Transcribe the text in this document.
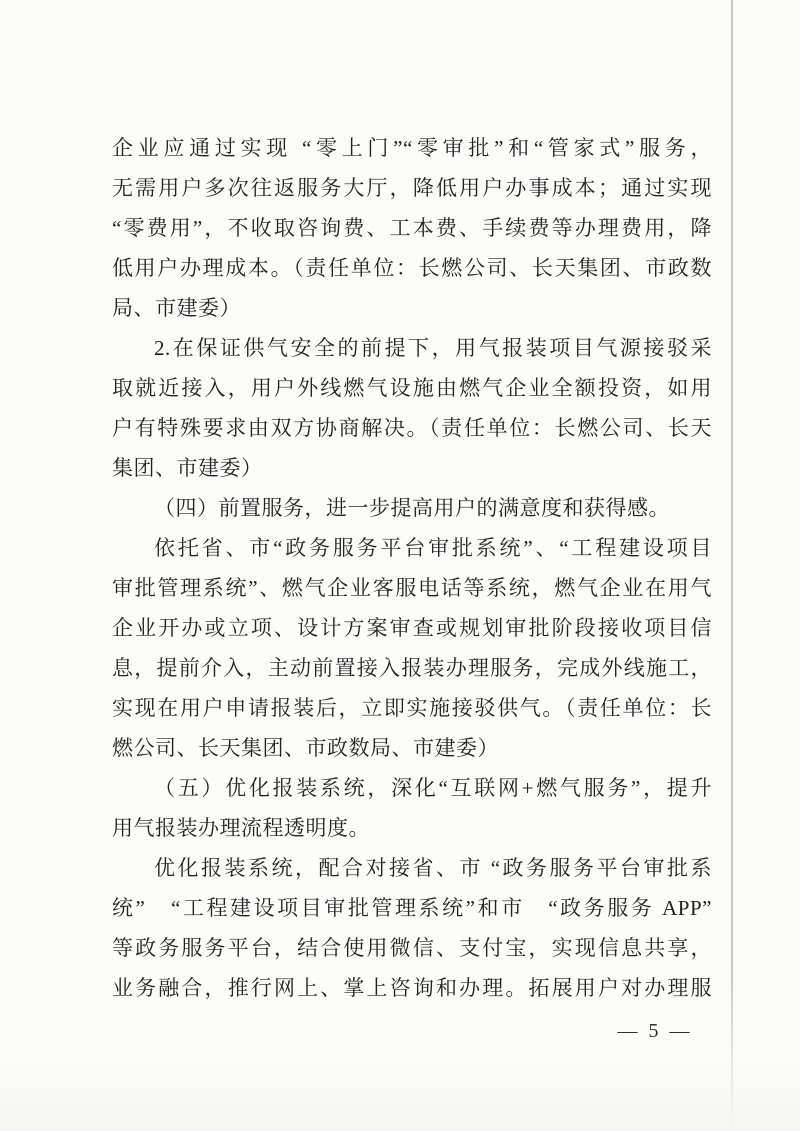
企业应通过实现 “零上门”“零审批”和“管家式”服务，
无需用户多次往返服务大厅，降低用户办事成本；通过实现
“零费用”，不收取咨询费、工本费、手续费等办理费用，降
低用户办理成本。（责任单位：长燃公司、长天集团、市政数
局、市建委）
2.在保证供气安全的前提下，用气报装项目气源接驳采
取就近接入，用户外线燃气设施由燃气企业全额投资，如用
户有特殊要求由双方协商解决。（责任单位：长燃公司、长天
集团、市建委）
（四）前置服务，进一步提高用户的满意度和获得感。
依托省、市“政务服务平台审批系统”、“工程建设项目
审批管理系统”、燃气企业客服电话等系统，燃气企业在用气
企业开办或立项、设计方案审查或规划审批阶段接收项目信
息，提前介入，主动前置接入报装办理服务，完成外线施工，
实现在用户申请报装后，立即实施接驳供气。（责任单位：长
燃公司、长天集团、市政数局、市建委）
（五）优化报装系统，深化“互联网+燃气服务”，提升
用气报装办理流程透明度。
优化报装系统，配合对接省、市 “政务服务平台审批系
统”　“工程建设项目审批管理系统”和市　“政务服务 APP”
等政务服务平台，结合使用微信、支付宝，实现信息共享，
业务融合，推行网上、掌上咨询和办理。拓展用户对办理服
— 5 —
